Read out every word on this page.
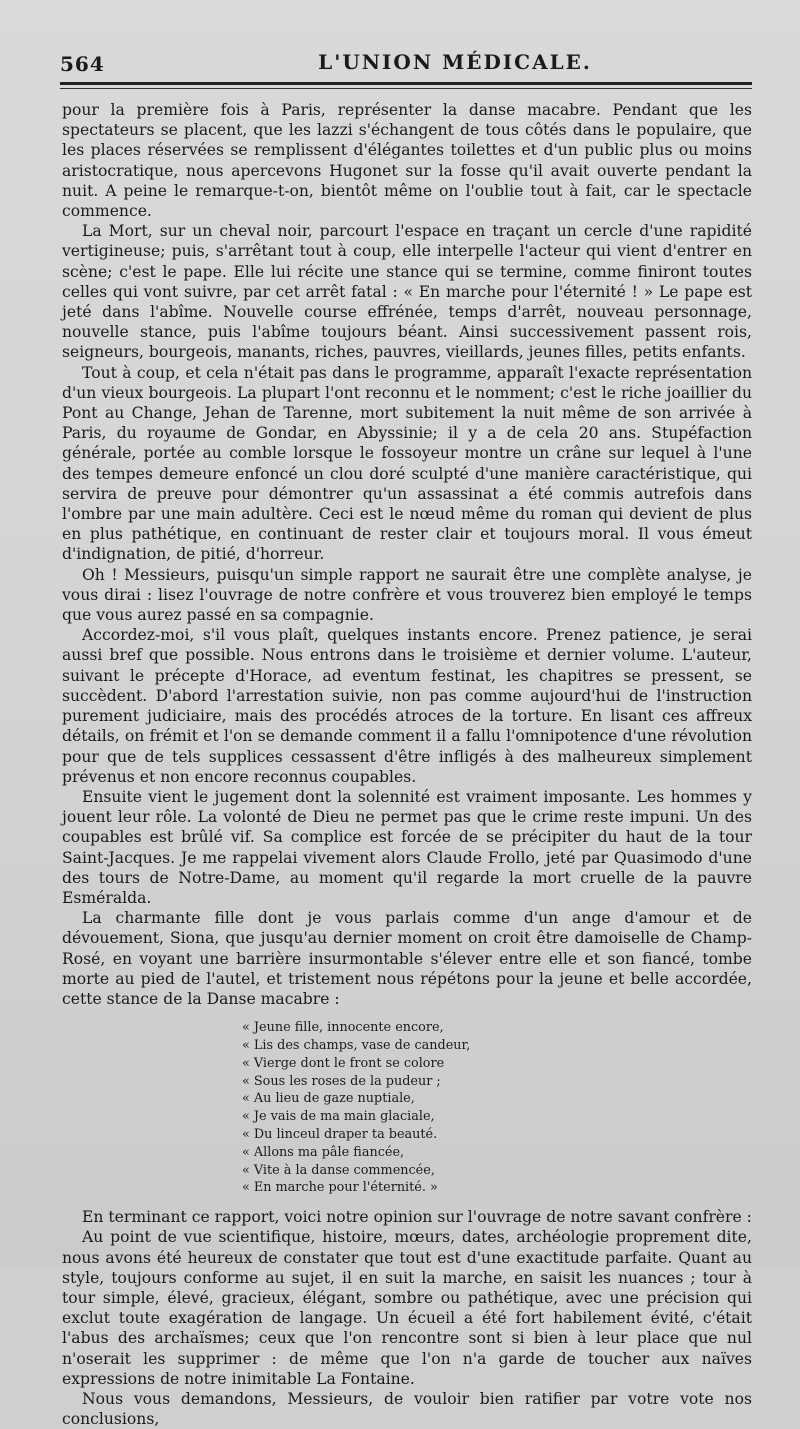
564	L'UNION MÉDICALE.

pour la première fois à Paris, représenter la danse macabre. Pendant que les spectateurs se placent, que les lazzi s'échangent de tous côtés dans le populaire, que les places réservées se remplissent d'élégantes toilettes et d'un public plus ou moins aristocratique, nous apercevons Hugonet sur la fosse qu'il avait ouverte pendant la nuit. A peine le remarque-t-on, bientôt même on l'oublie tout à fait, car le spectacle commence.

La Mort, sur un cheval noir, parcourt l'espace en traçant un cercle d'une rapidité vertigineuse; puis, s'arrêtant tout à coup, elle interpelle l'acteur qui vient d'entrer en scène; c'est le pape. Elle lui récite une stance qui se termine, comme finiront toutes celles qui vont suivre, par cet arrêt fatal : « En marche pour l'éternité ! » Le pape est jeté dans l'abîme. Nouvelle course effrénée, temps d'arrêt, nouveau personnage, nouvelle stance, puis l'abîme toujours béant. Ainsi successivement passent rois, seigneurs, bourgeois, manants, riches, pauvres, vieillards, jeunes filles, petits enfants.

Tout à coup, et cela n'était pas dans le programme, apparaît l'exacte représentation d'un vieux bourgeois. La plupart l'ont reconnu et le nomment; c'est le riche joaillier du Pont au Change, Jehan de Tarenne, mort subitement la nuit même de son arrivée à Paris, du royaume de Gondar, en Abyssinie; il y a de cela 20 ans. Stupéfaction générale, portée au comble lorsque le fossoyeur montre un crâne sur lequel à l'une des tempes demeure enfoncé un clou doré sculpté d'une manière caractéristique, qui servira de preuve pour démontrer qu'un assassinat a été commis autrefois dans l'ombre par une main adultère. Ceci est le nœud même du roman qui devient de plus en plus pathétique, en continuant de rester clair et toujours moral. Il vous émeut d'indignation, de pitié, d'horreur.

Oh ! Messieurs, puisqu'un simple rapport ne saurait être une complète analyse, je vous dirai : lisez l'ouvrage de notre confrère et vous trouverez bien employé le temps que vous aurez passé en sa compagnie.

Accordez-moi, s'il vous plaît, quelques instants encore. Prenez patience, je serai aussi bref que possible. Nous entrons dans le troisième et dernier volume. L'auteur, suivant le précepte d'Horace, ad eventum festinat, les chapitres se pressent, se succèdent. D'abord l'arrestation suivie, non pas comme aujourd'hui de l'instruction purement judiciaire, mais des procédés atroces de la torture. En lisant ces affreux détails, on frémit et l'on se demande comment il a fallu l'omnipotence d'une révolution pour que de tels supplices cessassent d'être infligés à des malheureux simplement prévenus et non encore reconnus coupables.

Ensuite vient le jugement dont la solennité est vraiment imposante. Les hommes y jouent leur rôle. La volonté de Dieu ne permet pas que le crime reste impuni. Un des coupables est brûlé vif. Sa complice est forcée de se précipiter du haut de la tour Saint-Jacques. Je me rappelai vivement alors Claude Frollo, jeté par Quasimodo d'une des tours de Notre-Dame, au moment qu'il regarde la mort cruelle de la pauvre Esméralda.

La charmante fille dont je vous parlais comme d'un ange d'amour et de dévouement, Siona, que jusqu'au dernier moment on croit être damoiselle de Champ-Rosé, en voyant une barrière insurmontable s'élever entre elle et son fiancé, tombe morte au pied de l'autel, et tristement nous répétons pour la jeune et belle accordée, cette stance de la Danse macabre :

« Jeune fille, innocente encore,
« Lis des champs, vase de candeur,
« Vierge dont le front se colore
« Sous les roses de la pudeur ;
« Au lieu de gaze nuptiale,
« Je vais de ma main glaciale,
« Du linceul draper ta beauté.
« Allons ma pâle fiancée,
« Vite à la danse commencée,
« En marche pour l'éternité. »

En terminant ce rapport, voici notre opinion sur l'ouvrage de notre savant confrère :

Au point de vue scientifique, histoire, mœurs, dates, archéologie proprement dite, nous avons été heureux de constater que tout est d'une exactitude parfaite. Quant au style, toujours conforme au sujet, il en suit la marche, en saisit les nuances ; tour à tour simple, élevé, gracieux, élégant, sombre ou pathétique, avec une précision qui exclut toute exagération de langage. Un écueil a été fort habilement évité, c'était l'abus des archaïsmes; ceux que l'on rencontre sont si bien à leur place que nul n'oserait les supprimer : de même que l'on n'a garde de toucher aux naïves expressions de notre inimitable La Fontaine.

Nous vous demandons, Messieurs, de vouloir bien ratifier par votre vote nos conclusions,
